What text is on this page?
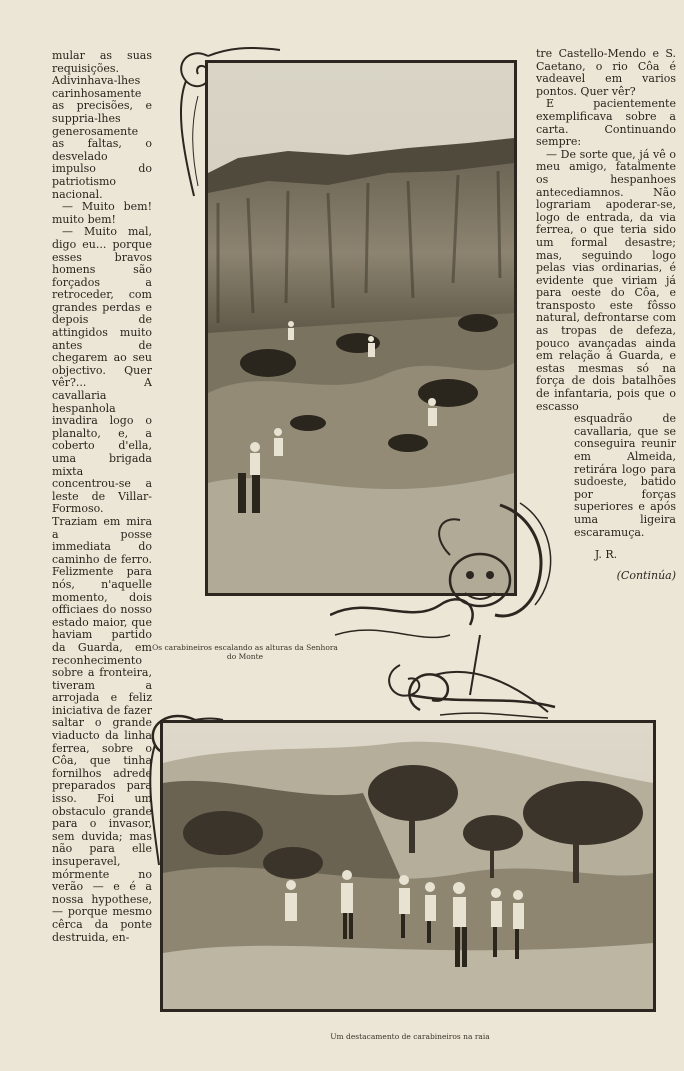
mular as suas requisições. Adivinhava-lhes carinhosamente as precisões, e suppria-lhes generosamente as faltas, o desvelado impulso do patriotismo nacional.

— Muito bem! muito bem!

— Muito mal, digo eu... porque esses bravos homens são forçados a retroceder, com grandes perdas e depois de attingidos muito antes de chegarem ao seu objectivo. Quer vêr?... A cavallaria hespanhola invadira logo o planalto, e, a coberto d'ella, uma brigada mixta concentrou-se a leste de Villar-Formoso. Traziam em mira a posse immediata do caminho de ferro. Felizmente para nós, n'aquelle momento, dois officiaes do nosso estado maior, que haviam partido da Guarda, em reconhecimento sobre a fronteira, tiveram a arrojada e feliz iniciativa de fazer saltar o grande viaducto da linha ferrea, sobre o Côa, que tinha fornilhos adrede preparados para isso. Foi um obstaculo grande para o invasor, sem duvida; mas não para elle insuperavel, mórmente no verão — e é a nossa hypothese, — porque mesmo cêrca da ponte destruida, en-

tre Castello-Mendo e S. Caetano, o rio Côa é vadeavel em varios pontos. Quer vêr?

E pacientemente exemplificava sobre a carta. Continuando sempre:

— De sorte que, já vê o meu amigo, fatalmente os hespanhoes antecediamnos. Não lograriam apoderar-se, logo de entrada, da via ferrea, o que teria sido um formal desastre; mas, seguindo logo pelas vias ordinarias, é evidente que viriam já para oeste do Côa, e transposto este fôsso natural, defrontarse com as tropas de defeza, pouco avançadas ainda em relação á Guarda, e estas mesmas só na força de dois batalhões de infantaria, pois que o escasso

esquadrão de cavallaria, que se conseguira reunir em Almeida, retirára logo para sudoeste, batido por forças superiores e após uma ligeira escaramuça.

J. R.

(Continúa)

Os carabineiros escalando as alturas da Senhora do Monte
Um destacamento de carabineiros na raia
